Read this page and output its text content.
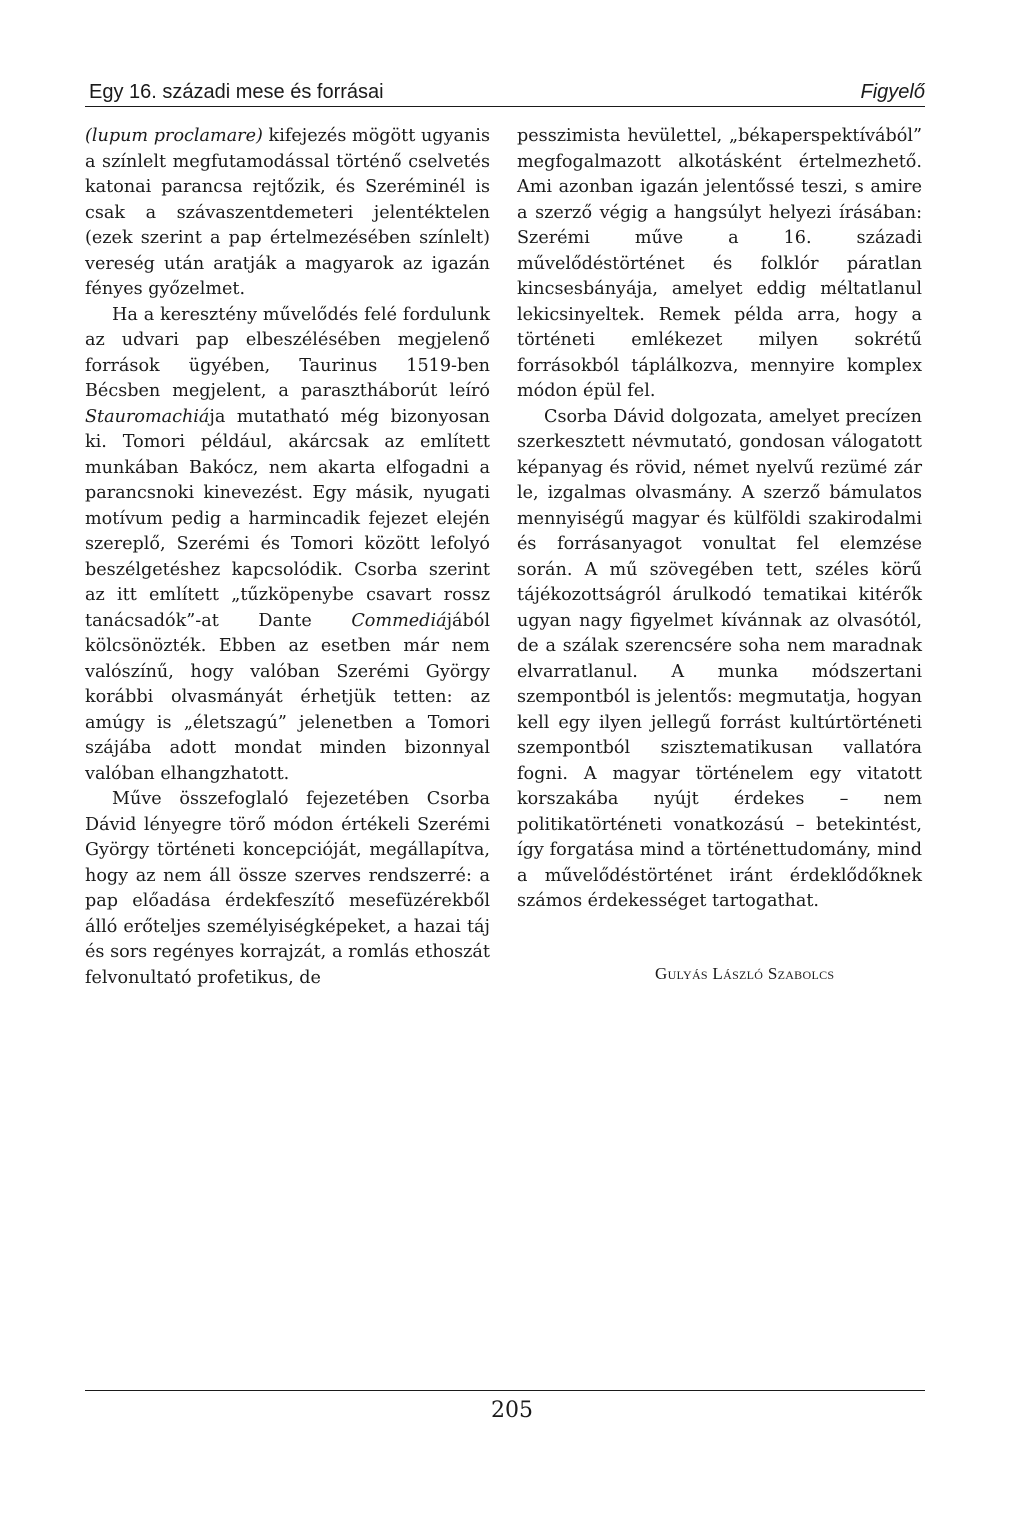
Egy 16. századi mese és forrásai	Figyelő

(lupum proclamare) kifejezés mögött ugyanis a színlelt megfutamodással történő cselvetés katonai parancsa rejtőzik, és Szeréminél is csak a szávaszentdemeteri jelentéktelen (ezek szerint a pap értelmezésében színlelt) vereség után aratják a magyarok az igazán fényes győzelmet.

Ha a keresztény művelődés felé fordulunk az udvari pap elbeszélésében megjelenő források ügyében, Taurinus 1519-ben Bécsben megjelent, a parasztháborút leíró Stauromachiája mutatható még bizonyosan ki. Tomori például, akárcsak az említett munkában Bakócz, nem akarta elfogadni a parancsnoki kinevezést. Egy másik, nyugati motívum pedig a harmincadik fejezet elején szereplő, Szerémi és Tomori között lefolyó beszélgetéshez kapcsolódik. Csorba szerint az itt említett „tűzköpenybe csavart rossz tanácsadók”-at Dante Commediájából kölcsönözték. Ebben az esetben már nem valószínű, hogy valóban Szerémi György korábbi olvasmányát érhetjük tetten: az amúgy is „életszagú” jelenetben a Tomori szájába adott mondat minden bizonnyal valóban elhangzhatott.

Műve összefoglaló fejezetében Csorba Dávid lényegre törő módon értékeli Szerémi György történeti koncepcióját, megállapítva, hogy az nem áll össze szerves rendszerré: a pap előadása érdekfeszítő mesefüzérekből álló erőteljes személyiségképeket, a hazai táj és sors regényes korrajzát, a romlás ethoszát felvonultató profetikus, de

pesszimista hevülettel, „békaperspektívából” megfogalmazott alkotásként értelmezhető. Ami azonban igazán jelentőssé teszi, s amire a szerző végig a hangsúlyt helyezi írásában: Szerémi műve a 16. századi művelődéstörténet és folklór páratlan kincsesbányája, amelyet eddig méltatlanul lekicsinyeltek. Remek példa arra, hogy a történeti emlékezet milyen sokrétű forrásokból táplálkozva, mennyire komplex módon épül fel.

Csorba Dávid dolgozata, amelyet precízen szerkesztett névmutató, gondosan válogatott képanyag és rövid, német nyelvű rezümé zár le, izgalmas olvasmány. A szerző bámulatos mennyiségű magyar és külföldi szakirodalmi és forrásanyagot vonultat fel elemzése során. A mű szövegében tett, széles körű tájékozottságról árulkodó tematikai kitérők ugyan nagy figyelmet kívánnak az olvasótól, de a szálak szerencsére soha nem maradnak elvarratlanul. A munka módszertani szempontból is jelentős: megmutatja, hogyan kell egy ilyen jellegű forrást kultúrtörténeti szempontból szisztematikusan vallatóra fogni. A magyar történelem egy vitatott korszakába nyújt érdekes – nem politikatörténeti vonatkozású – betekintést, így forgatása mind a történettudomány, mind a művelődéstörténet iránt érdeklődőknek számos érdekességet tartogathat.

Gulyás László Szabolcs
205
